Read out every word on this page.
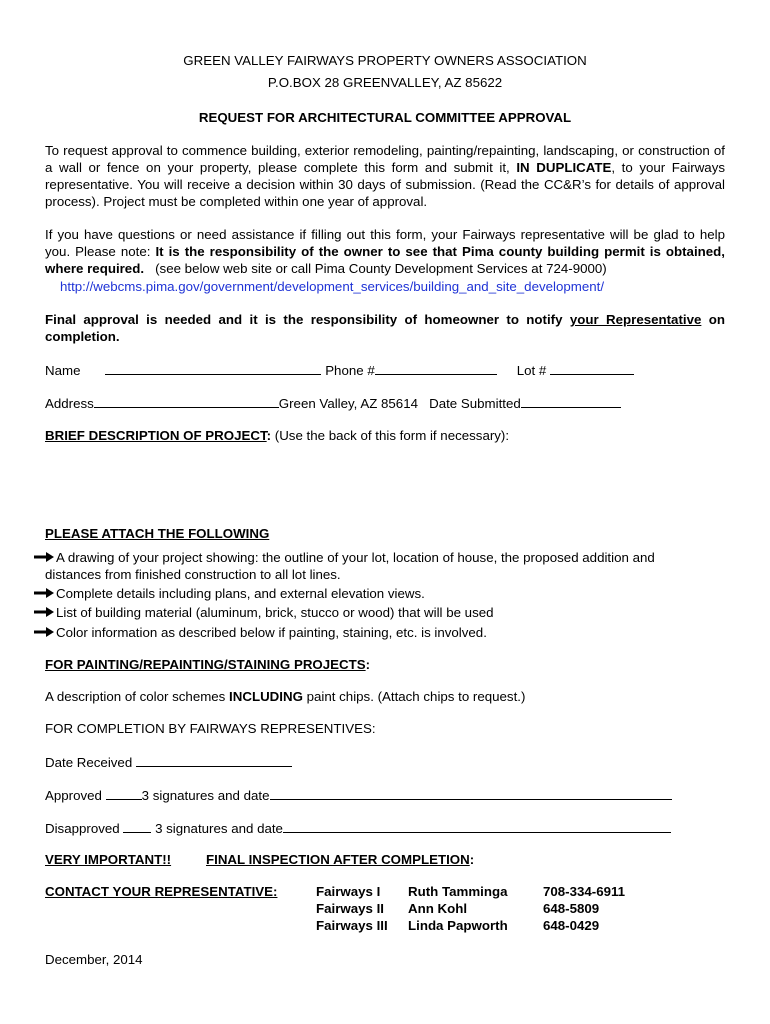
GREEN VALLEY FAIRWAYS PROPERTY OWNERS ASSOCIATION
P.O.BOX 28 GREENVALLEY, AZ 85622
REQUEST FOR ARCHITECTURAL COMMITTEE APPROVAL
To request approval to commence building, exterior remodeling, painting/repainting, landscaping, or construction of a wall or fence on your property, please complete this form and submit it, IN DUPLICATE, to your Fairways representative. You will receive a decision within 30 days of submission. (Read the CC&R’s for details of approval process). Project must be completed within one year of approval.
If you have questions or need assistance if filling out this form, your Fairways representative will be glad to help you. Please note: It is the responsibility of the owner to see that Pima county building permit is obtained, where required. (see below web site or call Pima County Development Services at 724-9000)
http://webcms.pima.gov/government/development_services/building_and_site_development/
Final approval is needed and it is the responsibility of homeowner to notify your Representative on completion.
Name	Phone #	Lot #
Address	Green Valley, AZ 85614 Date Submitted
BRIEF DESCRIPTION OF PROJECT: (Use the back of this form if necessary):
PLEASE ATTACH THE FOLLOWING
A drawing of your project showing: the outline of your lot, location of house, the proposed addition and
distances from finished construction to all lot lines.
Complete details including plans, and external elevation views.
List of building material (aluminum, brick, stucco or wood) that will be used
Color information as described below if painting, staining, etc. is involved.
FOR PAINTING/REPAINTING/STAINING PROJECTS:
A description of color schemes INCLUDING paint chips. (Attach chips to request.)
FOR COMPLETION BY FAIRWAYS REPRESENTIVES:
Date Received
Approved	3 signatures and date
Disapproved	3 signatures and date
VERY IMPORTANT!!	FINAL INSPECTION AFTER COMPLETION:
CONTACT YOUR REPRESENTATIVE:	Fairways I Ruth Tamminga	708-334-6911
Fairways II Ann Kohl	648-5809
Fairways III Linda Papworth	648-0429
December, 2014
